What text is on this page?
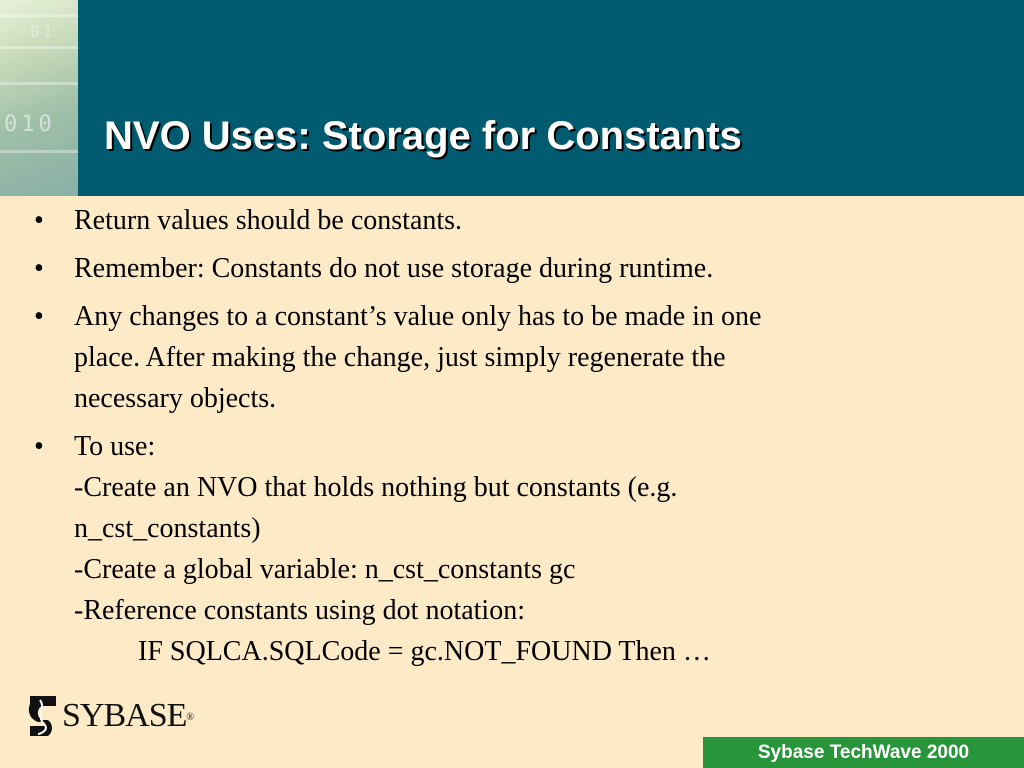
01
010 NVO Uses: Storage for Constants
• Return values should be constants.
• Remember: Constants do not use storage during runtime.
• Any changes to a constant’s value only has to be made in one
place. After making the change, just simply regenerate the
necessary objects.
• To use:
-Create an NVO that holds nothing but constants (e.g.
n_cst_constants)
-Create a global variable: n_cst_constants gc
-Reference constants using dot notation:
IF SQLCA.SQLCode = gc.NOT_FOUND Then …
SYBASE ®
Sybase TechWave 2000
